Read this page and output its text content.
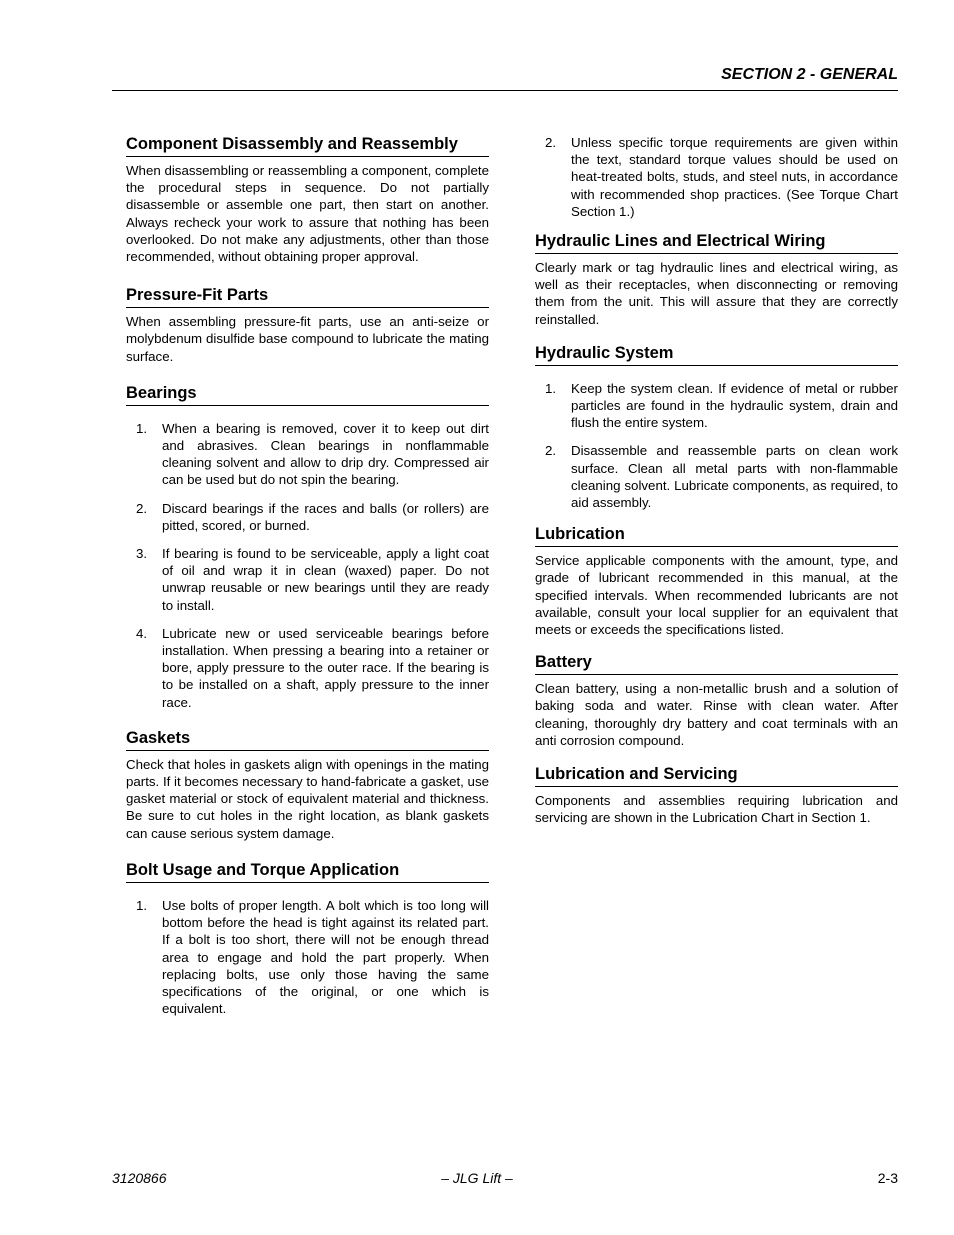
SECTION 2 - GENERAL
Component Disassembly and Reassembly

When disassembling or reassembling a component, complete the procedural steps in sequence. Do not partially disassemble or assemble one part, then start on another. Always recheck your work to assure that nothing has been overlooked. Do not make any adjustments, other than those recommended, without obtaining proper approval.

Pressure-Fit Parts

When assembling pressure-fit parts, use an anti-seize or molybdenum disulfide base compound to lubricate the mating surface.

Bearings
1. When a bearing is removed, cover it to keep out dirt and abrasives. Clean bearings in nonflammable cleaning solvent and allow to drip dry. Compressed air can be used but do not spin the bearing.
2. Discard bearings if the races and balls (or rollers) are pitted, scored, or burned.
3. If bearing is found to be serviceable, apply a light coat of oil and wrap it in clean (waxed) paper. Do not unwrap reusable or new bearings until they are ready to install.
4. Lubricate new or used serviceable bearings before installation. When pressing a bearing into a retainer or bore, apply pressure to the outer race. If the bearing is to be installed on a shaft, apply pressure to the inner race.
Gaskets

Check that holes in gaskets align with openings in the mating parts. If it becomes necessary to hand-fabricate a gasket, use gasket material or stock of equivalent material and thickness. Be sure to cut holes in the right location, as blank gaskets can cause serious system damage.

Bolt Usage and Torque Application
1. Use bolts of proper length. A bolt which is too long will bottom before the head is tight against its related part. If a bolt is too short, there will not be enough thread area to engage and hold the part properly. When replacing bolts, use only those having the same specifications of the original, or one which is equivalent.
2. Unless specific torque requirements are given within the text, standard torque values should be used on heat-treated bolts, studs, and steel nuts, in accordance with recommended shop practices. (See Torque Chart Section 1.)
Hydraulic Lines and Electrical Wiring

Clearly mark or tag hydraulic lines and electrical wiring, as well as their receptacles, when disconnecting or removing them from the unit. This will assure that they are correctly reinstalled.

Hydraulic System
1. Keep the system clean. If evidence of metal or rubber particles are found in the hydraulic system, drain and flush the entire system.
2. Disassemble and reassemble parts on clean work surface. Clean all metal parts with non-flammable cleaning solvent. Lubricate components, as required, to aid assembly.
Lubrication

Service applicable components with the amount, type, and grade of lubricant recommended in this manual, at the specified intervals. When recommended lubricants are not available, consult your local supplier for an equivalent that meets or exceeds the specifications listed.

Battery

Clean battery, using a non-metallic brush and a solution of baking soda and water. Rinse with clean water. After cleaning, thoroughly dry battery and coat terminals with an anti corrosion compound.

Lubrication and Servicing

Components and assemblies requiring lubrication and servicing are shown in the Lubrication Chart in Section 1.

3120866	– JLG Lift –	2-3
